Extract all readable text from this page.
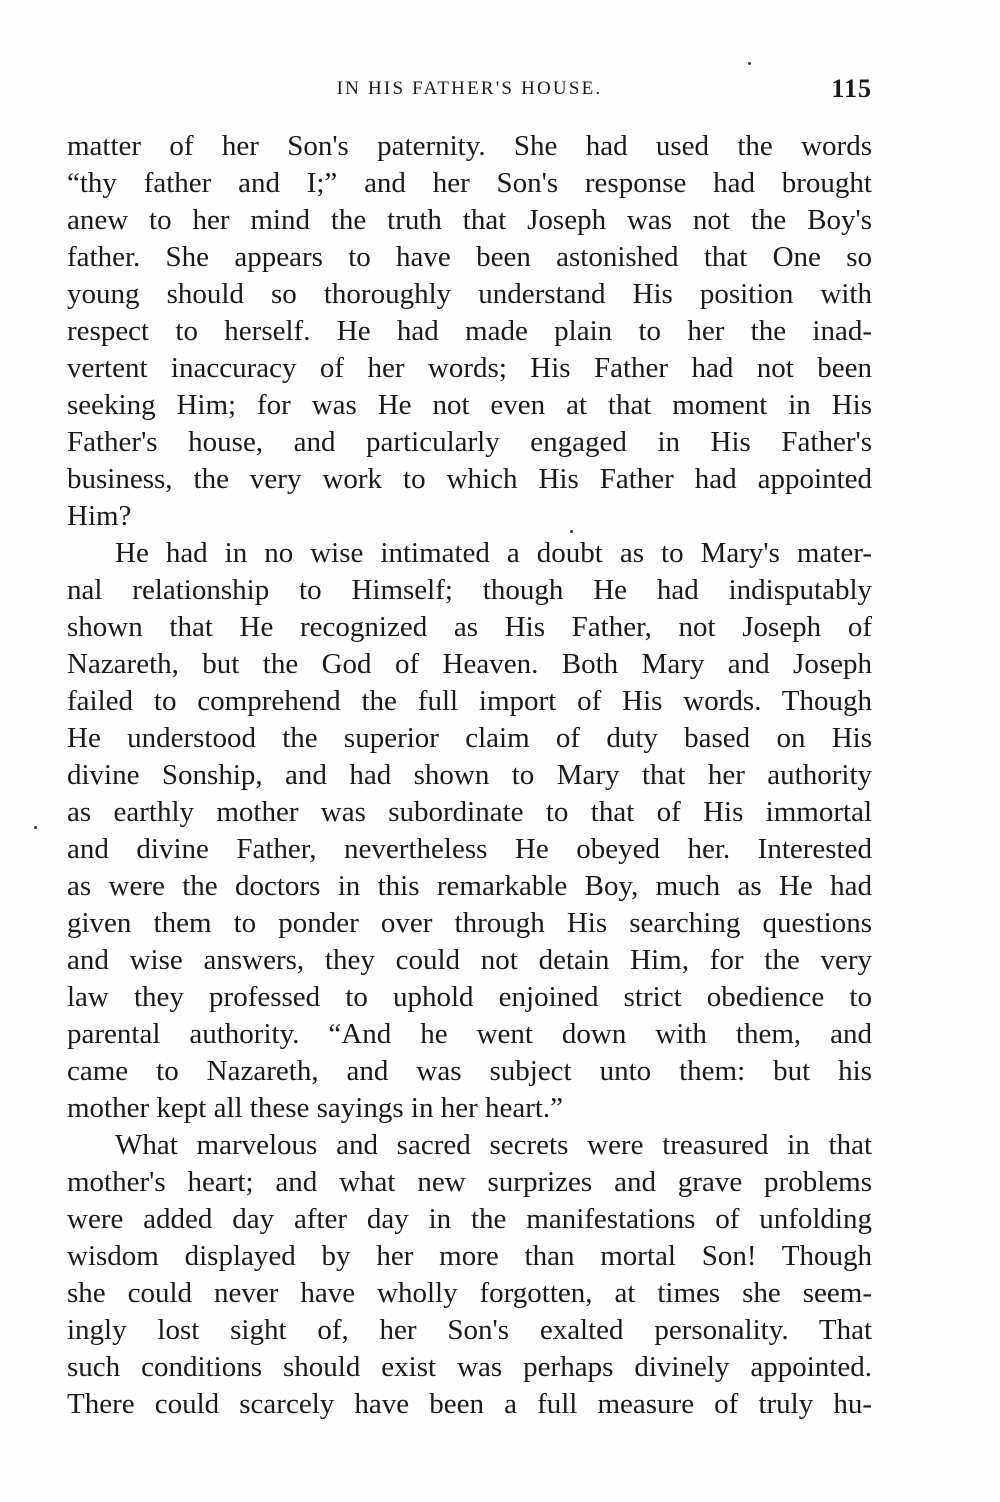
IN HIS FATHER'S HOUSE.	115
matter of her Son's paternity. She had used the words
“thy father and I;” and her Son's response had brought
anew to her mind the truth that Joseph was not the Boy's
father. She appears to have been astonished that One so
young should so thoroughly understand His position with
respect to herself. He had made plain to her the inad-
vertent inaccuracy of her words; His Father had not been
seeking Him; for was He not even at that moment in His
Father's house, and particularly engaged in His Father's
business, the very work to which His Father had appointed
Him?
He had in no wise intimated a doubt as to Mary's mater-
nal relationship to Himself; though He had indisputably
shown that He recognized as His Father, not Joseph of
Nazareth, but the God of Heaven. Both Mary and Joseph
failed to comprehend the full import of His words. Though
He understood the superior claim of duty based on His
divine Sonship, and had shown to Mary that her authority
as earthly mother was subordinate to that of His immortal
and divine Father, nevertheless He obeyed her. Interested
as were the doctors in this remarkable Boy, much as He had
given them to ponder over through His searching questions
and wise answers, they could not detain Him, for the very
law they professed to uphold enjoined strict obedience to
parental authority. “And he went down with them, and
came to Nazareth, and was subject unto them: but his
mother kept all these sayings in her heart.”
What marvelous and sacred secrets were treasured in that
mother's heart; and what new surprizes and grave problems
were added day after day in the manifestations of unfolding
wisdom displayed by her more than mortal Son! Though
she could never have wholly forgotten, at times she seem-
ingly lost sight of, her Son's exalted personality. That
such conditions should exist was perhaps divinely appointed.
There could scarcely have been a full measure of truly hu-
